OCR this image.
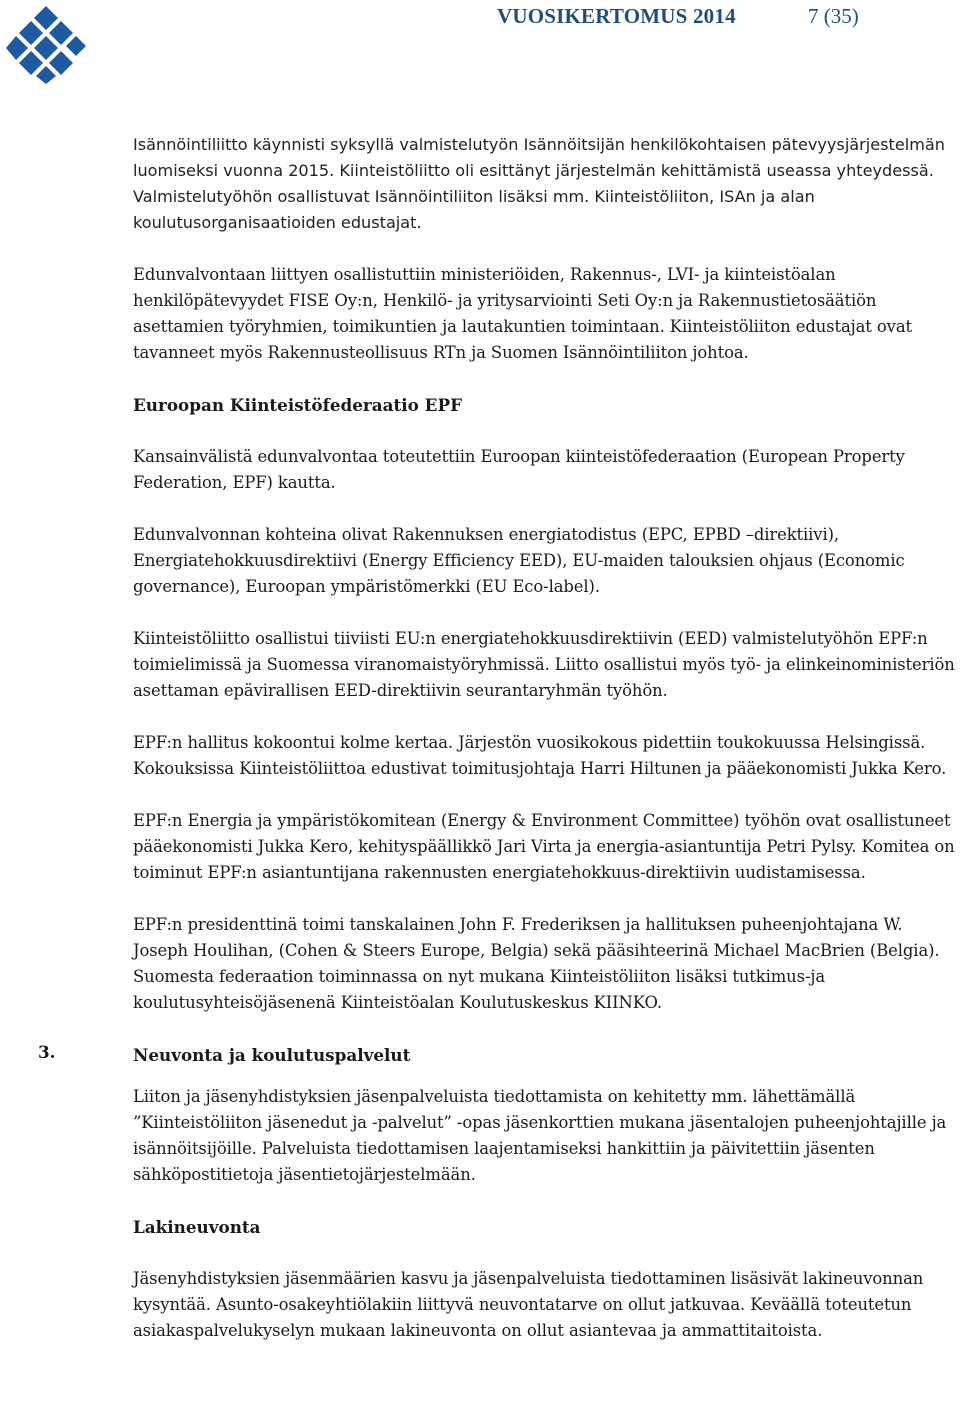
VUOSIKERTOMUS 2014	7 (35)

Isännöintiliitto käynnisti syksyllä valmistelutyön Isännöitsijän henkilökohtaisen pätevyysjärjestelmän luomiseksi vuonna 2015. Kiinteistöliitto oli esittänyt järjestelmän kehittämistä useassa yhteydessä. Valmistelutyöhön osallistuvat Isännöintiliiton lisäksi mm. Kiinteistöliiton, ISAn ja alan koulutusorganisaatioiden edustajat.

Edunvalvontaan liittyen osallistuttiin ministeriöiden, Rakennus-, LVI- ja kiinteistöalan henkilöpätevyydet FISE Oy:n, Henkilö- ja yritysarviointi Seti Oy:n ja Rakennustietosäätiön asettamien työryhmien, toimikuntien ja lautakuntien toimintaan. Kiinteistöliiton edustajat ovat tavanneet myös Rakennusteollisuus RTn ja Suomen Isännöintiliiton johtoa.

Euroopan Kiinteistöfederaatio EPF

Kansainvälistä edunvalvontaa toteutettiin Euroopan kiinteistöfederaation (European Property Federation, EPF) kautta.

Edunvalvonnan kohteina olivat Rakennuksen energiatodistus (EPC, EPBD –direktiivi), Energiatehokkuusdirektiivi (Energy Efficiency EED), EU-maiden talouksien ohjaus (Economic governance), Euroopan ympäristömerkki (EU Eco-label).

Kiinteistöliitto osallistui tiiviisti EU:n energiatehokkuusdirektiivin (EED) valmistelutyöhön EPF:n toimielimissä ja Suomessa viranomaistyöryhmissä. Liitto osallistui myös työ- ja elinkeinoministeriön asettaman epävirallisen EED-direktiivin seurantaryhmän työhön.

EPF:n hallitus kokoontui kolme kertaa. Järjestön vuosikokous pidettiin toukokuussa Helsingissä. Kokouksissa Kiinteistöliittoa edustivat toimitusjohtaja Harri Hiltunen ja pääekonomisti Jukka Kero.

EPF:n Energia ja ympäristökomitean (Energy & Environment Committee) työhön ovat osallistuneet pääekonomisti Jukka Kero, kehityspäällikkö Jari Virta ja energia-asiantuntija Petri Pylsy. Komitea on toiminut EPF:n asiantuntijana rakennusten energiatehokkuus-direktiivin uudistamisessa.

EPF:n presidenttinä toimi tanskalainen John F. Frederiksen ja hallituksen puheenjohtajana W. Joseph Houlihan, (Cohen & Steers Europe, Belgia) sekä pääsihteerinä Michael MacBrien (Belgia). Suomesta federaation toiminnassa on nyt mukana Kiinteistöliiton lisäksi tutkimus-ja koulutusyhteisöjäsenenä Kiinteistöalan Koulutuskeskus KIINKO.

3.	Neuvonta ja koulutuspalvelut

Liiton ja jäsenyhdistyksien jäsenpalveluista tiedottamista on kehitetty mm. lähettämällä ”Kiinteistöliiton jäsenedut ja -palvelut” -opas jäsenkorttien mukana jäsentalojen puheenjohtajille ja isännöitsijöille. Palveluista tiedottamisen laajentamiseksi hankittiin ja päivitettiin jäsenten sähköpostitietoja jäsentietojärjestelmään.

Lakineuvonta

Jäsenyhdistyksien jäsenmäärien kasvu ja jäsenpalveluista tiedottaminen lisäsivät lakineuvonnan kysyntää. Asunto-osakeyhtiölakiin liittyvä neuvontatarve on ollut jatkuvaa. Keväällä toteutetun asiakaspalvelukyselyn mukaan lakineuvonta on ollut asiantevaa ja ammattitaitoista.
